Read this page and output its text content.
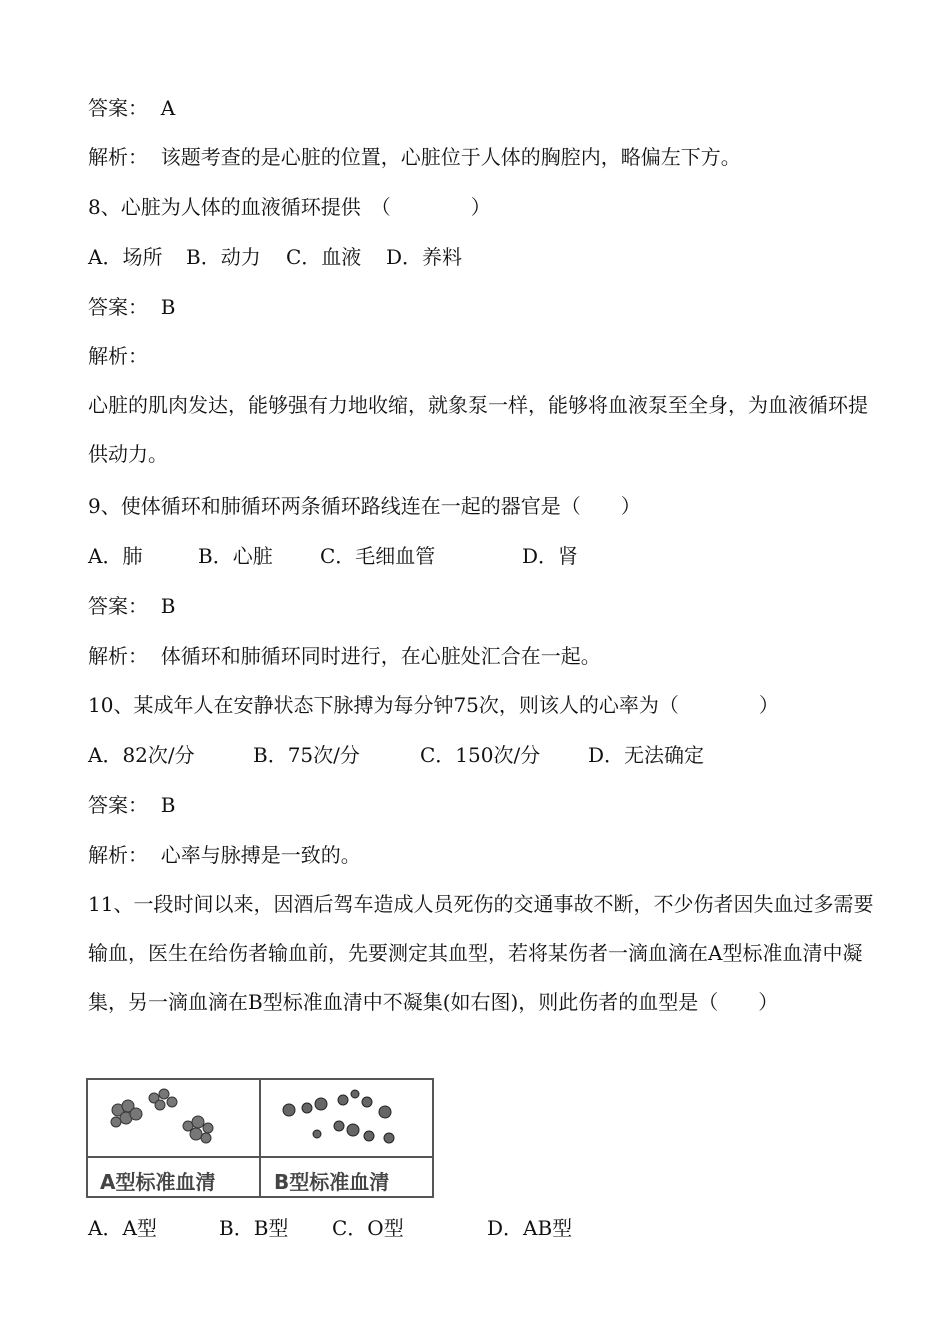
答案： A
解析： 该题考查的是心脏的位置，心脏位于人体的胸腔内，略偏左下方。
8、心脏为人体的血液循环提供　（　　　　）
A．场所 B．动力 C．血液 D．养料
答案： B
解析：
心脏的肌肉发达，能够强有力地收缩，就象泵一样，能够将血液泵至全身，为血液循环提供动力。
9、使体循环和肺循环两条循环路线连在一起的器官是（　　）
A．肺	B．心脏 C．毛细血管	D．肾
答案： B
解析： 体循环和肺循环同时进行，在心脏处汇合在一起。
10、某成年人在安静状态下脉搏为每分钟75次，则该人的心率为（　　　　）
A．82次/分	B．75次/分	C．150次/分 D．无法确定
答案： B
解析： 心率与脉搏是一致的。
11、一段时间以来，因酒后驾车造成人员死伤的交通事故不断，不少伤者因失血过多需要输血，医生在给伤者输血前，先要测定其血型，若将某伤者一滴血滴在A型标准血清中凝集，另一滴血滴在B型标准血清中不凝集(如右图)，则此伤者的血型是（　　）
A型标准血清	B型标准血清
A．A型	B．B型 C．O型	D．AB型
